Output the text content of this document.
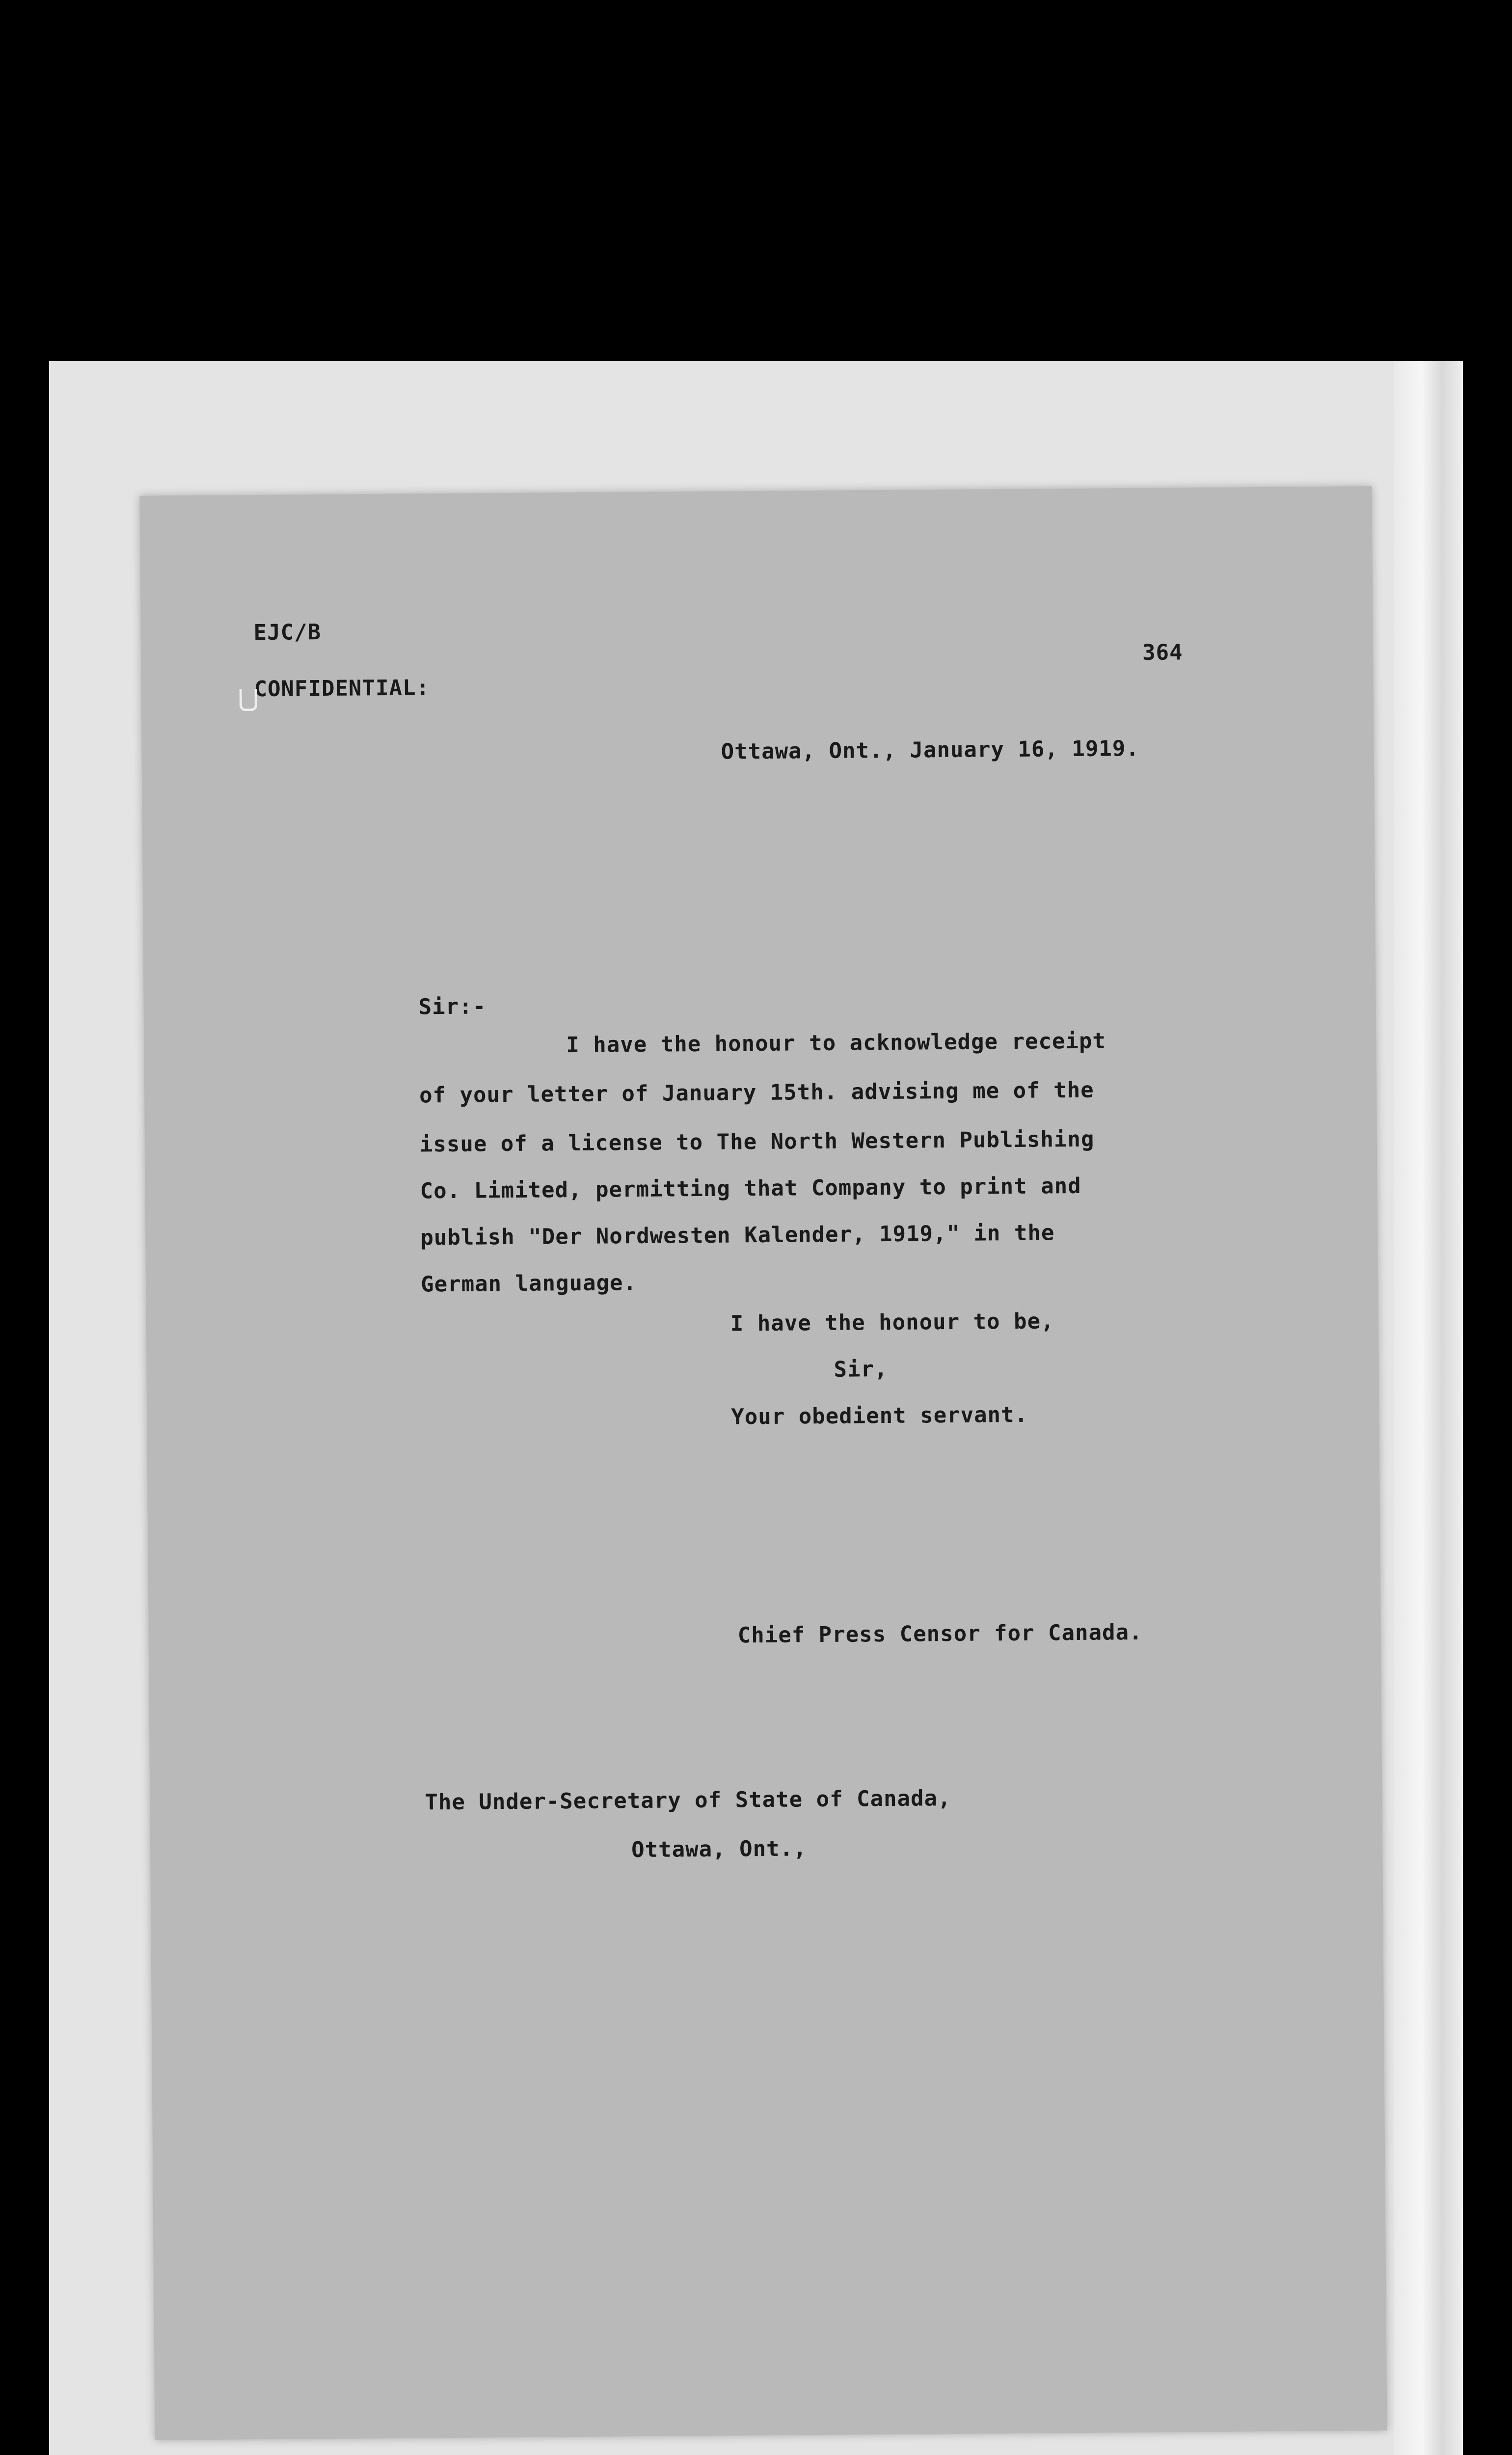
EJC/B
CONFIDENTIAL:
364
Ottawa, Ont., January 16, 1919.
Sir:-
I have the honour to acknowledge receipt
of your letter of January 15th. advising me of the
issue of a license to The North Western Publishing
Co. Limited, permitting that Company to print and
publish "Der Nordwesten Kalender, 1919," in the
German language.
I have the honour to be,
Sir,
Your obedient servant.
Chief Press Censor for Canada.
The Under-Secretary of State of Canada,
Ottawa, Ont.,
